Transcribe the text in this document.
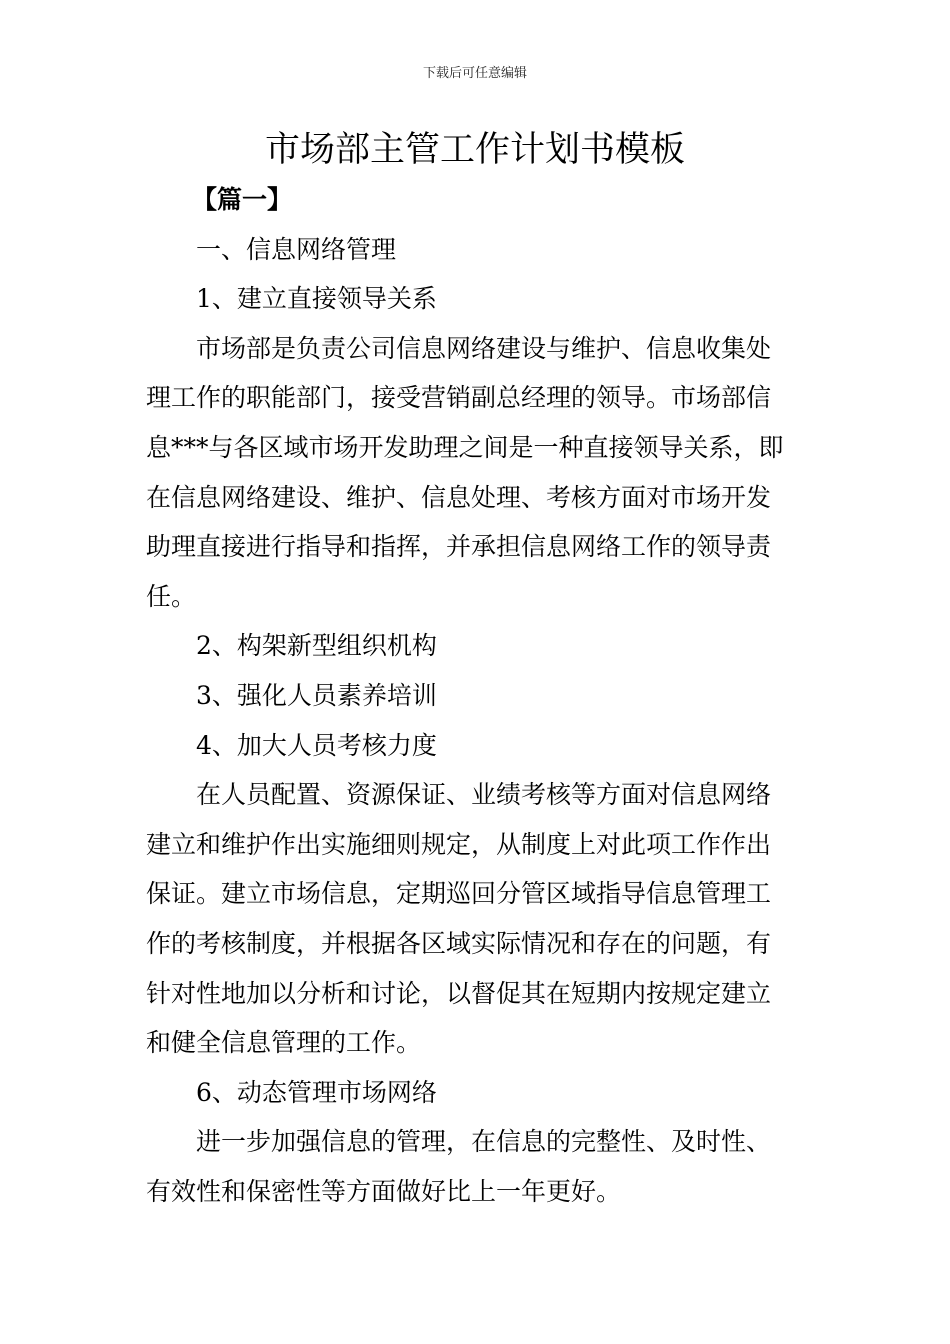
下载后可任意编辑
市场部主管工作计划书模板
【篇一】
一、信息网络管理
1、建立直接领导关系
市场部是负责公司信息网络建设与维护、信息收集处
理工作的职能部门，接受营销副总经理的领导。市场部信
息***与各区域市场开发助理之间是一种直接领导关系，即
在信息网络建设、维护、信息处理、考核方面对市场开发
助理直接进行指导和指挥，并承担信息网络工作的领导责
任。
2、构架新型组织机构
3、强化人员素养培训
4、加大人员考核力度
在人员配置、资源保证、业绩考核等方面对信息网络
建立和维护作出实施细则规定，从制度上对此项工作作出
保证。建立市场信息，定期巡回分管区域指导信息管理工
作的考核制度，并根据各区域实际情况和存在的问题，有
针对性地加以分析和讨论，以督促其在短期内按规定建立
和健全信息管理的工作。
6、动态管理市场网络
进一步加强信息的管理，在信息的完整性、及时性、
有效性和保密性等方面做好比上一年更好。
